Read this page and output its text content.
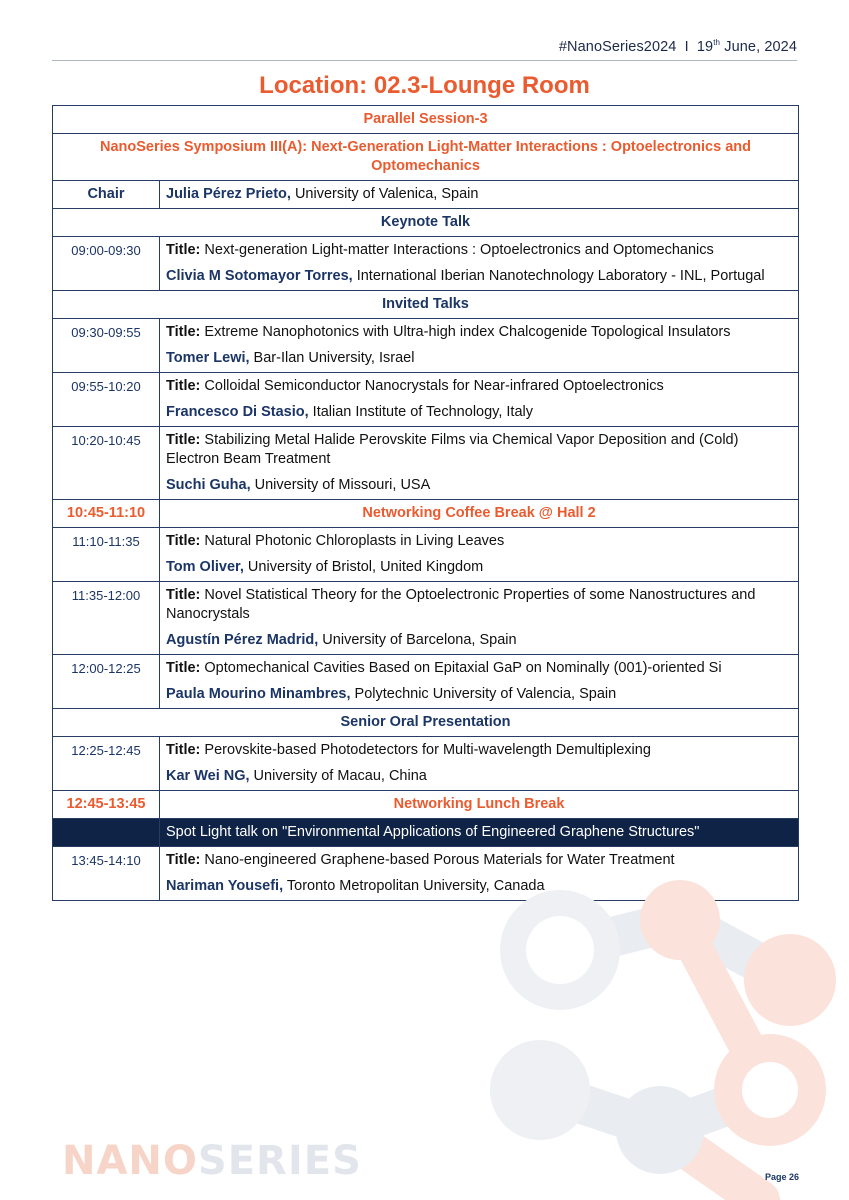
#NanoSeries2024 I 19th June, 2024
Location: 02.3-Lounge Room
Parallel Session-3	
NanoSeries Symposium III(A): Next-Generation Light-Matter Interactions : Optoelectronics and Optomechanics	
Chair	Julia Pérez Prieto, University of Valenica, Spain
Keynote Talk	
09:00-09:30	Title: Next-generation Light-matter Interactions : Optoelectronics and Optomechanics
Clivia M Sotomayor Torres, International Iberian Nanotechnology Laboratory - INL, Portugal

Invited Talks	
09:30-09:55	Title: Extreme Nanophotonics with Ultra-high index Chalcogenide Topological Insulators
Tomer Lewi, Bar-Ilan University, Israel

09:55-10:20	Title: Colloidal Semiconductor Nanocrystals for Near-infrared Optoelectronics
Francesco Di Stasio, Italian Institute of Technology, Italy

10:20-10:45	Title: Stabilizing Metal Halide Perovskite Films via Chemical Vapor Deposition and (Cold) Electron Beam Treatment
Suchi Guha, University of Missouri, USA

10:45-11:10	Networking Coffee Break @ Hall 2
11:10-11:35	Title: Natural Photonic Chloroplasts in Living Leaves
Tom Oliver, University of Bristol, United Kingdom

11:35-12:00	Title: Novel Statistical Theory for the Optoelectronic Properties of some Nanostructures and Nanocrystals
Agustín Pérez Madrid, University of Barcelona, Spain

12:00-12:25	Title: Optomechanical Cavities Based on Epitaxial GaP on Nominally (001)-oriented Si
Paula Mourino Minambres, Polytechnic University of Valencia, Spain

Senior Oral Presentation	
12:25-12:45	Title: Perovskite-based Photodetectors for Multi-wavelength Demultiplexing
Kar Wei NG, University of Macau, China

12:45-13:45	Networking Lunch Break
	Spot Light talk on "Environmental Applications of Engineered Graphene Structures"
13:45-14:10	Title: Nano-engineered Graphene-based Porous Materials for Water Treatment
Nariman Yousefi, Toronto Metropolitan University, Canada
NANOSERIES	Page 26
